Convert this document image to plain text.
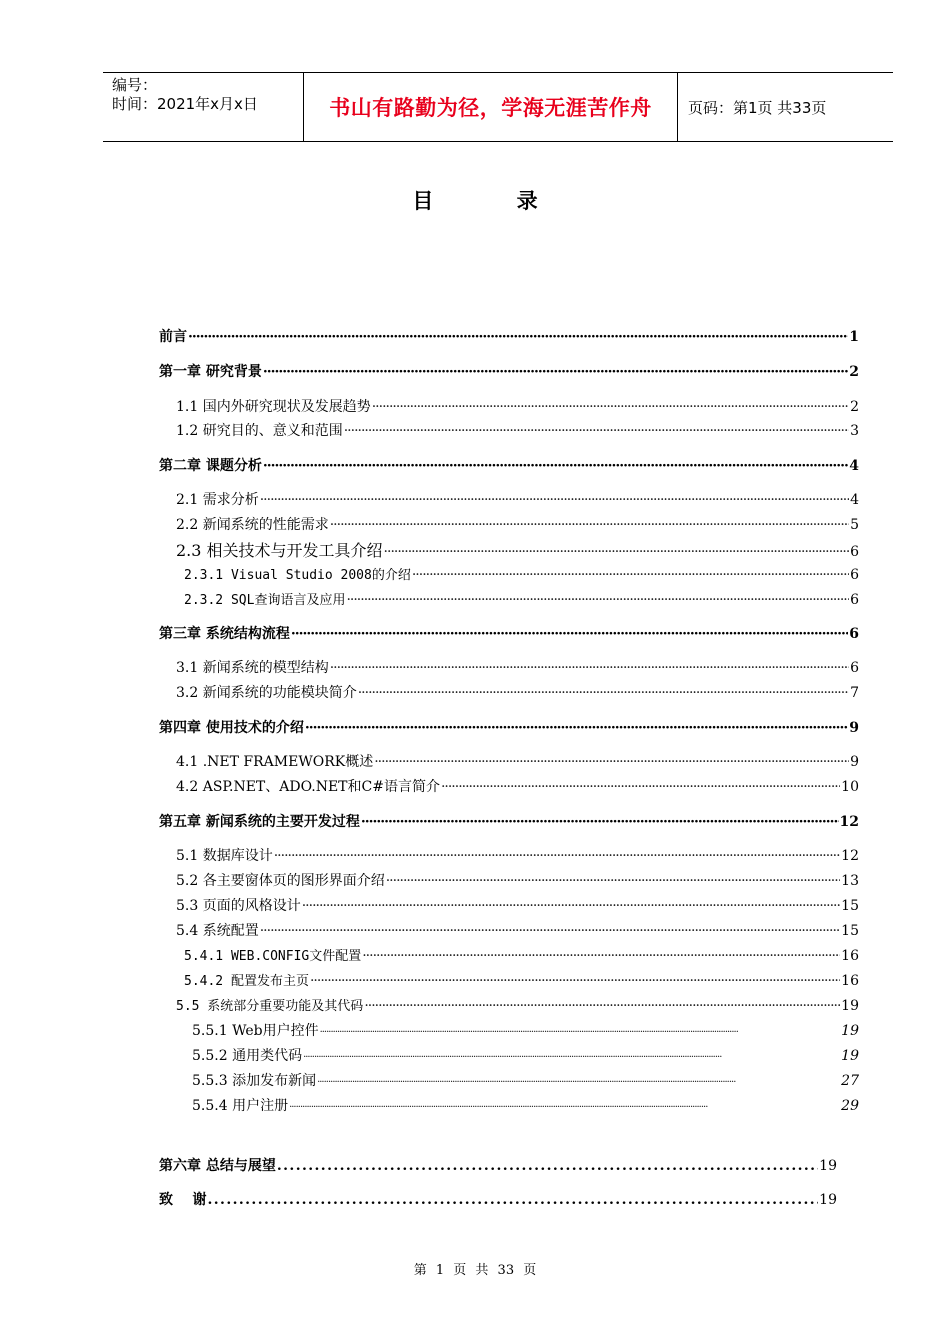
编号：
时间：2021年x月x日	书山有路勤为径，学海无涯苦作舟	页码：第1页 共33页
目 录
前言 ·····	1
第一章 研究背景 ·····	2
1.1 国内外研究现状及发展趋势 ·····	2
1.2 研究目的、意义和范围 ·····	3
第二章 课题分析 ·····	4
2.1 需求分析 ·····	4
2.2 新闻系统的性能需求 ·····	5
2.3 相关技术与开发工具介绍 ·····	6
2.3.1 Visual Studio 2008的介绍 ·····	6
2.3.2 SQL查询语言及应用 ·····	6
第三章 系统结构流程 ·····	6
3.1 新闻系统的模型结构 ·····	6
3.2 新闻系统的功能模块简介 ·····	7
第四章 使用技术的介绍 ·····	9
4.1 .NET FRAMEWORK概述 ·····	9
4.2 ASP.NET、ADO.NET和C#语言简介 ·····	10
第五章 新闻系统的主要开发过程 ·····	12
5.1 数据库设计 ·····	12
5.2 各主要窗体页的图形界面介绍 ·····	13
5.3 页面的风格设计 ·····	15
5.4 系统配置 ·····	15
5.4.1 WEB.CONFIG文件配置 ·····	16
5.4.2 配置发布主页 ·····	16
5.5 系统部分重要功能及其代码 ·····	19
5.5.1 Web用户控件 ·····	19
5.5.2 通用类代码 ·····	19
5.5.3 添加发布新闻 ·····	27
5.5.4 用户注册 ·····	29
第六章 总结与展望 .....	19
致    谢 .....	19
第 1 页 共 33 页
